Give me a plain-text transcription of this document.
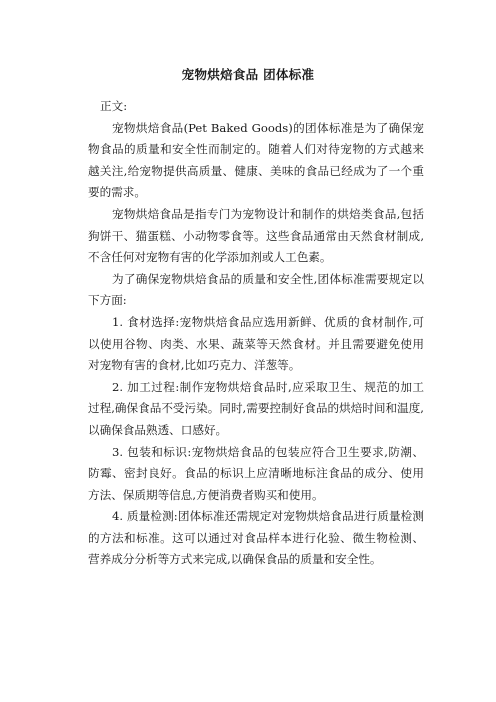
宠物烘焙食品 团体标准

正文:

宠物烘焙食品(Pet Baked Goods)的团体标准是为了确保宠物食品的质量和安全性而制定的。随着人们对待宠物的方式越来越关注,给宠物提供高质量、健康、美味的食品已经成为了一个重要的需求。

宠物烘焙食品是指专门为宠物设计和制作的烘焙类食品,包括狗饼干、猫蛋糕、小动物零食等。这些食品通常由天然食材制成,不含任何对宠物有害的化学添加剂或人工色素。

为了确保宠物烘焙食品的质量和安全性,团体标准需要规定以下方面:

1. 食材选择:宠物烘焙食品应选用新鲜、优质的食材制作,可以使用谷物、肉类、水果、蔬菜等天然食材。并且需要避免使用对宠物有害的食材,比如巧克力、洋葱等。

2. 加工过程:制作宠物烘焙食品时,应采取卫生、规范的加工过程,确保食品不受污染。同时,需要控制好食品的烘焙时间和温度,以确保食品熟透、口感好。

3. 包装和标识:宠物烘焙食品的包装应符合卫生要求,防潮、防霉、密封良好。食品的标识上应清晰地标注食品的成分、使用方法、保质期等信息,方便消费者购买和使用。

4. 质量检测:团体标准还需规定对宠物烘焙食品进行质量检测的方法和标准。这可以通过对食品样本进行化验、微生物检测、营养成分分析等方式来完成,以确保食品的质量和安全性。
